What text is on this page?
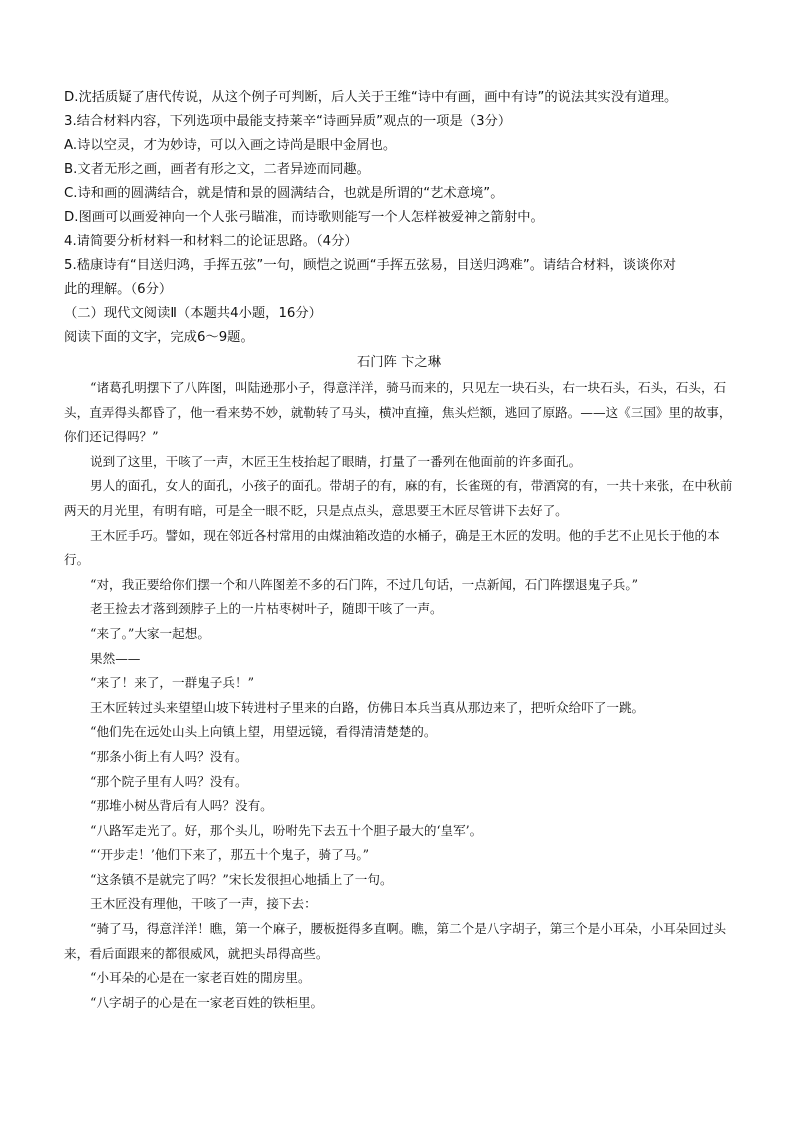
D.沈括质疑了唐代传说，从这个例子可判断，后人关于王维“诗中有画，画中有诗”的说法其实没有道理。
3.结合材料内容，下列选项中最能支持莱辛“诗画异质”观点的一项是（3分）
A.诗以空灵，才为妙诗，可以入画之诗尚是眼中金屑也。
B.文者无形之画，画者有形之文，二者异迹而同趣。
C.诗和画的圆满结合，就是情和景的圆满结合，也就是所谓的“艺术意境”。
D.图画可以画爱神向一个人张弓瞄准，而诗歌则能写一个人怎样被爱神之箭射中。
4.请简要分析材料一和材料二的论证思路。（4分）
5.嵇康诗有“目送归鸿，手挥五弦”一句，顾恺之说画“手挥五弦易，目送归鸿难”。请结合材料，谈谈你对
此的理解。（6分）
（二）现代文阅读Ⅱ（本题共4小题，16分）
阅读下面的文字，完成6～9题。
石门阵 卞之琳
“诸葛孔明摆下了八阵图，叫陆逊那小子，得意洋洋，骑马而来的，只见左一块石头，右一块石头，石头，石头，石头，直弄得头都昏了，他一看来势不妙，就勒转了马头，横冲直撞，焦头烂额，逃回了原路。——这《三国》里的故事，你们还记得吗？”
说到了这里，干咳了一声，木匠王生枝抬起了眼睛，打量了一番列在他面前的许多面孔。
男人的面孔，女人的面孔，小孩子的面孔。带胡子的有，麻的有，长雀斑的有，带酒窝的有，一共十来张，在中秋前两天的月光里，有明有暗，可是全一眼不眨，只是点点头，意思要王木匠尽管讲下去好了。
王木匠手巧。譬如，现在邻近各村常用的由煤油箱改造的水桶子，确是王木匠的发明。他的手艺不止见长于他的本行。
“对，我正要给你们摆一个和八阵图差不多的石门阵，不过几句话，一点新闻，石门阵摆退鬼子兵。”
老王捡去才落到颈脖子上的一片枯枣树叶子，随即干咳了一声。
“来了。”大家一起想。
果然——
“来了！来了，一群鬼子兵！”
王木匠转过头来望望山坡下转进村子里来的白路，仿佛日本兵当真从那边来了，把听众给吓了一跳。
“他们先在远处山头上向镇上望，用望远镜，看得清清楚楚的。
“那条小街上有人吗？没有。
“那个院子里有人吗？没有。
“那堆小树丛背后有人吗？没有。
“八路军走光了。好，那个头儿，吩咐先下去五十个胆子最大的‘皇军’。
“‘开步走！’他们下来了，那五十个鬼子，骑了马。”
“这条镇不是就完了吗？”宋长发很担心地插上了一句。
王木匠没有理他，干咳了一声，接下去：
“骑了马，得意洋洋！瞧，第一个麻子，腰板挺得多直啊。瞧，第二个是八字胡子，第三个是小耳朵，小耳朵回过头来，看后面跟来的都很威风，就把头昂得高些。
“小耳朵的心是在一家老百姓的閒房里。
“八字胡子的心是在一家老百姓的铁柜里。
